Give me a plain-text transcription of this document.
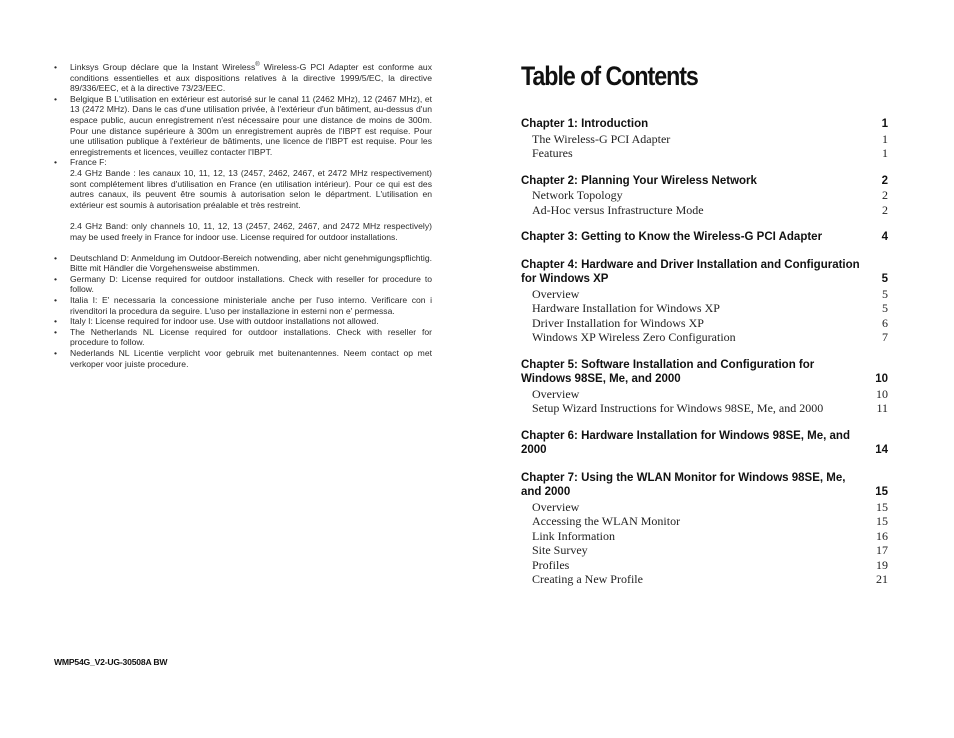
• Linksys Group déclare que la Instant Wireless® Wireless-G PCI Adapter est conforme aux conditions essentielles et aux dispositions relatives à la directive 1999/5/EC, la directive 89/336/EEC, et à la directive 73/23/EEC.

• Belgique B L'utilisation en extérieur est autorisé sur le canal 11 (2462 MHz), 12 (2467 MHz), et 13 (2472 MHz). Dans le cas d'une utilisation privée, à l'extérieur d'un bâtiment, au-dessus d'un espace public, aucun enregistrement n'est nécessaire pour une distance de moins de 300m. Pour une distance supérieure à 300m un enregistrement auprès de l'IBPT est requise. Pour une utilisation publique à l'extérieur de bâtiments, une licence de l'IBPT est requise. Pour les enregistrements et licences, veuillez contacter l'IBPT.

• France F:

2.4 GHz Bande : les canaux 10, 11, 12, 13 (2457, 2462, 2467, et 2472 MHz respectivement) sont complétement libres d'utilisation en France (en utilisation intérieur). Pour ce qui est des autres canaux, ils peuvent être soumis à autorisation selon le départment. L'utilisation en extérieur est soumis à autorisation préalable et très restreint.

2.4 GHz Band: only channels 10, 11, 12, 13 (2457, 2462, 2467, and 2472 MHz respectively) may be used freely in France for indoor use. License required for outdoor installations.

• Deutschland D: Anmeldung im Outdoor-Bereich notwending, aber nicht genehmigungspflichtig. Bitte mit Händler die Vorgehensweise abstimmen.

• Germany D: License required for outdoor installations. Check with reseller for procedure to follow.

• Italia I: E' necessaria la concessione ministeriale anche per l'uso interno. Verificare con i rivenditori la procedura da seguire. L'uso per installazione in esterni non e' permessa.

• Italy I: License required for indoor use. Use with outdoor installations not allowed.

• The Netherlands NL License required for outdoor installations. Check with reseller for procedure to follow.

• Nederlands NL Licentie verplicht voor gebruik met buitenantennes. Neem contact op met verkoper voor juiste procedure.

WMP54G_V2-UG-30508A BW
Table of Contents
Chapter 1: Introduction	1
The Wireless-G PCI Adapter	1
Features	1
Chapter 2: Planning Your Wireless Network	2
Network Topology	2
Ad-Hoc versus Infrastructure Mode	2
Chapter 3: Getting to Know the Wireless-G PCI Adapter	4
Chapter 4: Hardware and Driver Installation and Configuration for Windows XP	5
Overview	5
Hardware Installation for Windows XP	5
Driver Installation for Windows XP	6
Windows XP Wireless Zero Configuration	7
Chapter 5: Software Installation and Configuration for Windows 98SE, Me, and 2000	10
Overview	10
Setup Wizard Instructions for Windows 98SE, Me, and 2000	11
Chapter 6: Hardware Installation for Windows 98SE, Me, and 2000	14
Chapter 7: Using the WLAN Monitor for Windows 98SE, Me, and 2000	15
Overview	15
Accessing the WLAN Monitor	15
Link Information	16
Site Survey	17
Profiles	19
Creating a New Profile	21
